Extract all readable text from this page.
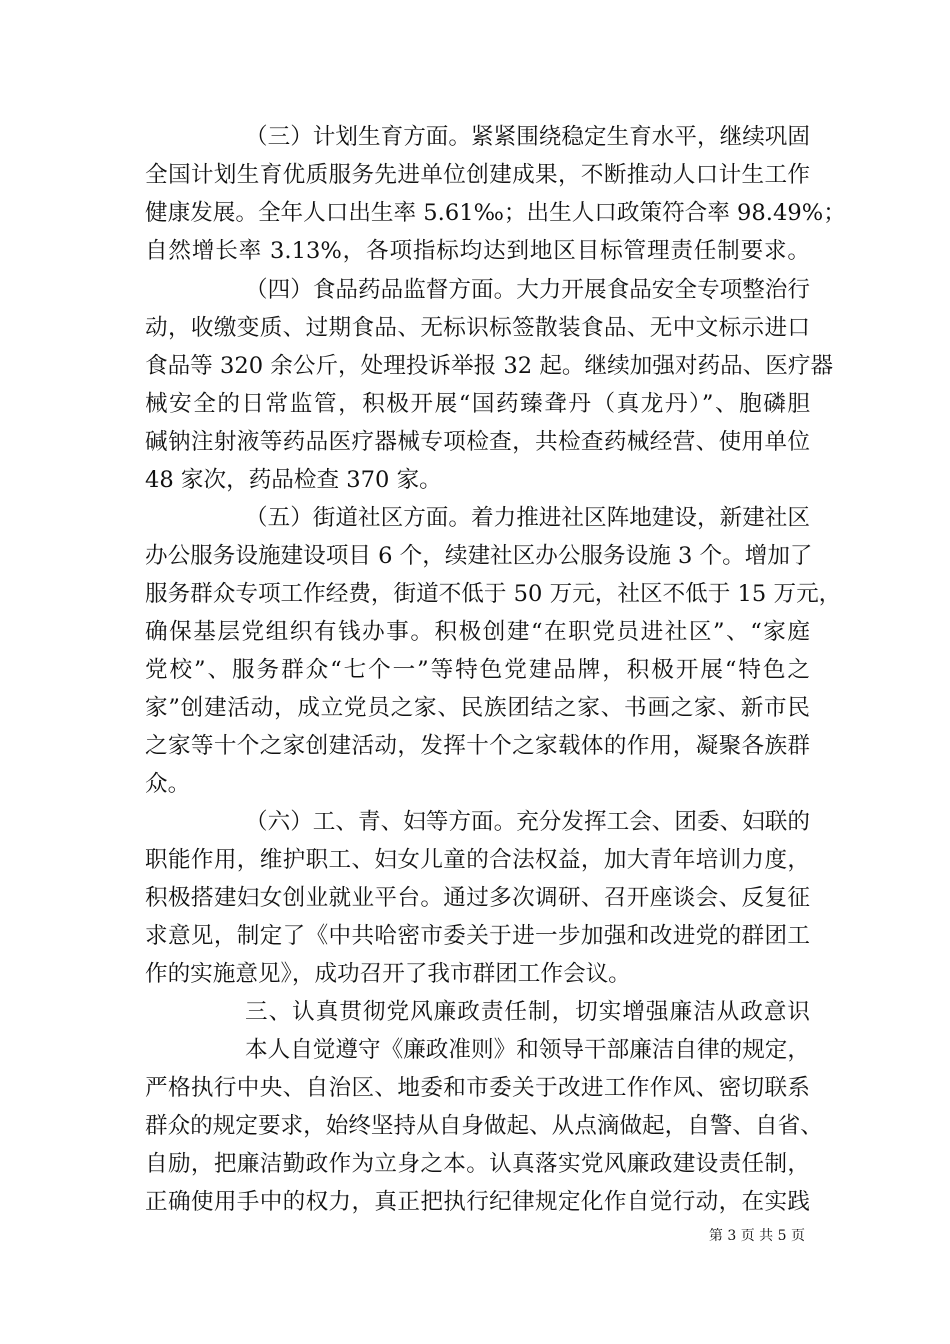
（三）计划生育方面。紧紧围绕稳定生育水平，继续巩固
全国计划生育优质服务先进单位创建成果，不断推动人口计生工作
健康发展。全年人口出生率 5.61‰；出生人口政策符合率 98.49%；
自然增长率 3.13%，各项指标均达到地区目标管理责任制要求。
（四）食品药品监督方面。大力开展食品安全专项整治行
动，收缴变质、过期食品、无标识标签散装食品、无中文标示进口
食品等 320 余公斤，处理投诉举报 32 起。继续加强对药品、医疗器
械安全的日常监管，积极开展“国药臻聋丹（真龙丹）”、胞磷胆
碱钠注射液等药品医疗器械专项检查，共检查药械经营、使用单位
48 家次，药品检查 370 家。
（五）街道社区方面。着力推进社区阵地建设，新建社区
办公服务设施建设项目 6 个，续建社区办公服务设施 3 个。增加了
服务群众专项工作经费，街道不低于 50 万元，社区不低于 15 万元，
确保基层党组织有钱办事。积极创建“在职党员进社区”、“家庭
党校”、服务群众“七个一”等特色党建品牌，积极开展“特色之
家”创建活动，成立党员之家、民族团结之家、书画之家、新市民
之家等十个之家创建活动，发挥十个之家载体的作用，凝聚各族群
众。
（六）工、青、妇等方面。充分发挥工会、团委、妇联的
职能作用，维护职工、妇女儿童的合法权益，加大青年培训力度，
积极搭建妇女创业就业平台。通过多次调研、召开座谈会、反复征
求意见，制定了《中共哈密市委关于进一步加强和改进党的群团工
作的实施意见》，成功召开了我市群团工作会议。
三、认真贯彻党风廉政责任制，切实增强廉洁从政意识
本人自觉遵守《廉政准则》和领导干部廉洁自律的规定，
严格执行中央、自治区、地委和市委关于改进工作作风、密切联系
群众的规定要求，始终坚持从自身做起、从点滴做起，自警、自省、
自励，把廉洁勤政作为立身之本。认真落实党风廉政建设责任制，
正确使用手中的权力，真正把执行纪律规定化作自觉行动，在实践
第 3 页 共 5 页
